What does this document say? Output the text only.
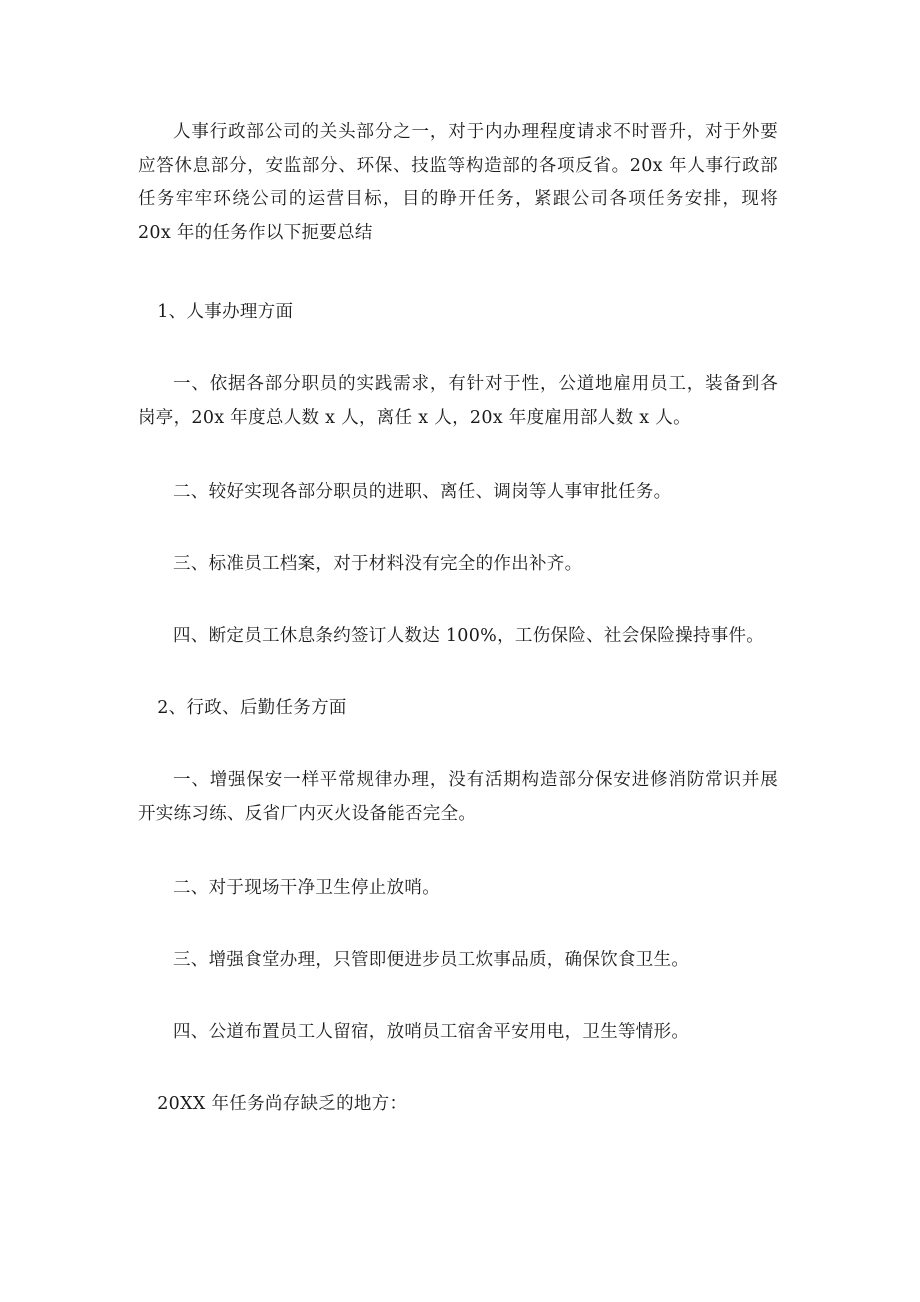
人事行政部公司的关头部分之一，对于内办理程度请求不时晋升，对于外要应答休息部分，安监部分、环保、技监等构造部的各项反省。20x 年人事行政部任务牢牢环绕公司的运营目标，目的睁开任务，紧跟公司各项任务安排，现将 20x 年的任务作以下扼要总结

1、人事办理方面

一、依据各部分职员的实践需求，有针对于性，公道地雇用员工，装备到各岗亭，20x 年度总人数 x 人，离任 x 人，20x 年度雇用部人数 x 人。

二、较好实现各部分职员的进职、离任、调岗等人事审批任务。

三、标准员工档案，对于材料没有完全的作出补齐。

四、断定员工休息条约签订人数达 100%，工伤保险、社会保险操持事件。

2、行政、后勤任务方面

一、增强保安一样平常规律办理，没有活期构造部分保安进修消防常识并展开实练习练、反省厂内灭火设备能否完全。

二、对于现场干净卫生停止放哨。

三、增强食堂办理，只管即便进步员工炊事品质，确保饮食卫生。

四、公道布置员工人留宿，放哨员工宿舍平安用电，卫生等情形。

20XX 年任务尚存缺乏的地方：
